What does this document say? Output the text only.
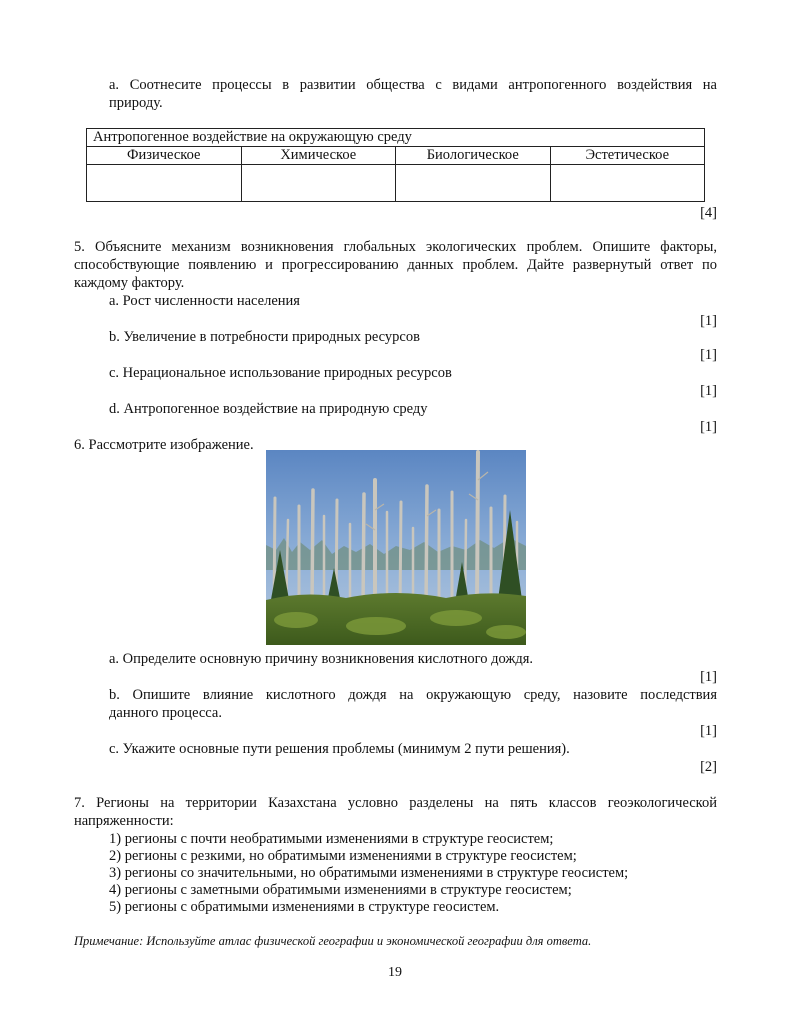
a. Соотнесите процессы в развитии общества с видами антропогенного воздействия на
природу.
Антропогенное воздействие на окружающую среду			
Физическое	Химическое	Биологическое	Эстетическое

[4]
5. Объясните механизм возникновения глобальных экологических проблем. Опишите факторы,
способствующие появлению и прогрессированию данных проблем. Дайте развернутый ответ по
каждому фактору.
a. Рост численности населения
[1]
b. Увеличение в потребности природных ресурсов
[1]
c. Нерациональное использование природных ресурсов
[1]
d. Антропогенное воздействие на природную среду
[1]
6. Рассмотрите изображение.
a. Определите основную причину возникновения кислотного дождя.
[1]
b. Опишите влияние кислотного дождя на окружающую среду, назовите последствия
данного процесса.
[1]
c. Укажите основные пути решения проблемы (минимум 2 пути решения).
[2]
7. Регионы на территории Казахстана условно разделены на пять классов геоэкологической
напряженности:
1) регионы с почти необратимыми изменениями в структуре геосистем;
2) регионы с резкими, но обратимыми изменениями в структуре геосистем;
3) регионы со значительными, но обратимыми изменениями в структуре геосистем;
4) регионы с заметными обратимыми изменениями в структуре геосистем;
5) регионы с обратимыми изменениями в структуре геосистем.
Примечание: Используйте атлас физической географии и экономической географии для ответа.
19
